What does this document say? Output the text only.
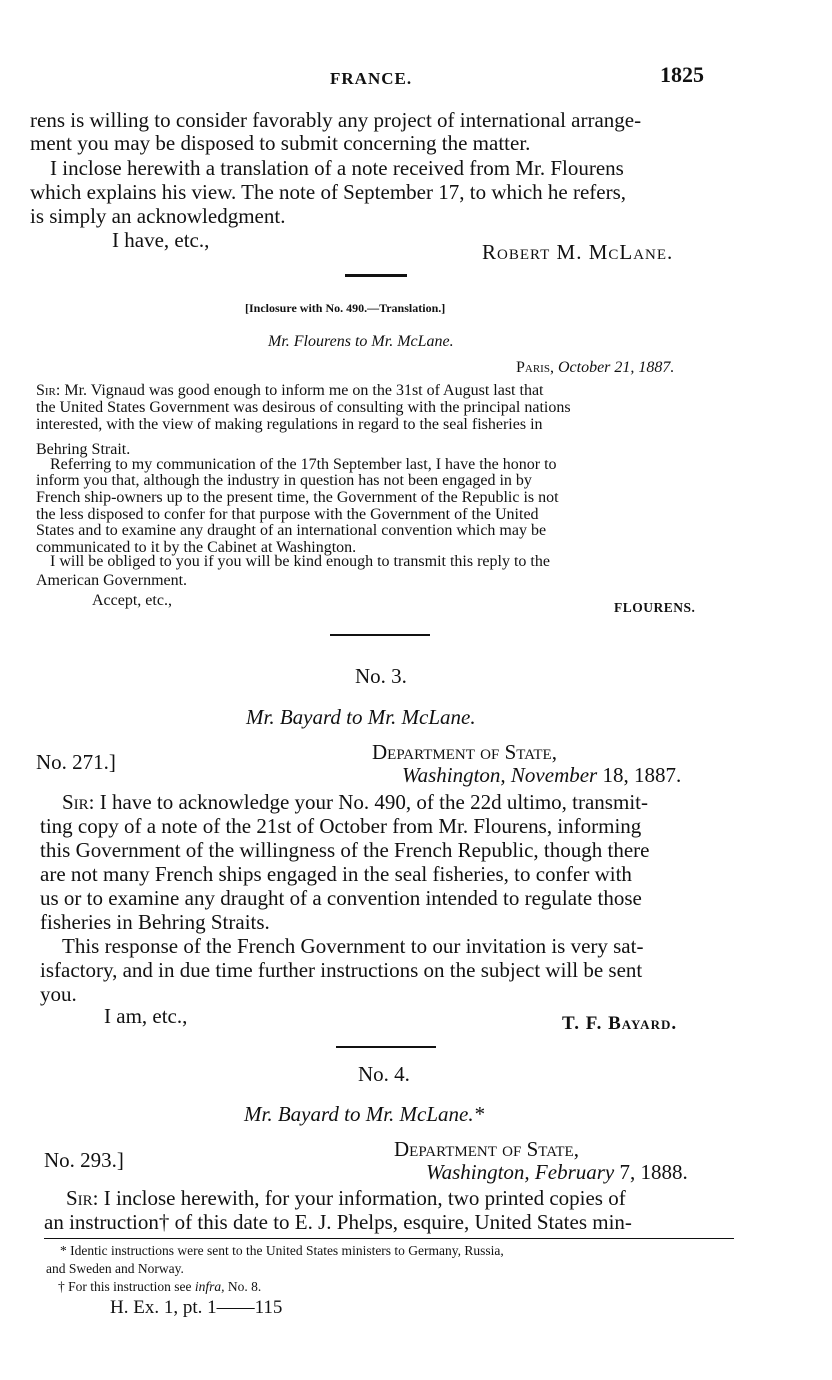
FRANCE.	1825
rens is willing to consider favorably any project of international arrange-
ment you may be disposed to submit concerning the matter.
I inclose herewith a translation of a note received from Mr. Flourens
which explains his view. The note of September 17, to which he refers,
is simply an acknowledgment.
I have, etc.,	Robert M. McLane.
[Inclosure with No. 490.—Translation.]
Mr. Flourens to Mr. McLane.
Paris, October 21, 1887.
Sir: Mr. Vignaud was good enough to inform me on the 31st of August last that
the United States Government was desirous of consulting with the principal nations
interested, with the view of making regulations in regard to the seal fisheries in
Behring Strait.
Referring to my communication of the 17th September last, I have the honor to
inform you that, although the industry in question has not been engaged in by
French ship-owners up to the present time, the Government of the Republic is not
the less disposed to confer for that purpose with the Government of the United
States and to examine any draught of an international convention which may be
communicated to it by the Cabinet at Washington.
I will be obliged to you if you will be kind enough to transmit this reply to the
American Government.
Accept, etc.,	FLOURENS.
No. 3.
Mr. Bayard to Mr. McLane.
No. 271.]	Department of State,
Washington, November 18, 1887.
Sir: I have to acknowledge your No. 490, of the 22d ultimo, transmit-
ting copy of a note of the 21st of October from Mr. Flourens, informing
this Government of the willingness of the French Republic, though there
are not many French ships engaged in the seal fisheries, to confer with
us or to examine any draught of a convention intended to regulate those
fisheries in Behring Straits.
This response of the French Government to our invitation is very sat-
isfactory, and in due time further instructions on the subject will be sent
you.
I am, etc.,	T. F. Bayard.
No. 4.
Mr. Bayard to Mr. McLane.*
No. 293.]	Department of State,
Washington, February 7, 1888.
Sir: I inclose herewith, for your information, two printed copies of
an instruction† of this date to E. J. Phelps, esquire, United States min-
* Identic instructions were sent to the United States ministers to Germany, Russia,
and Sweden and Norway.
† For this instruction see infra, No. 8.
H. Ex. 1, pt. 1——115
